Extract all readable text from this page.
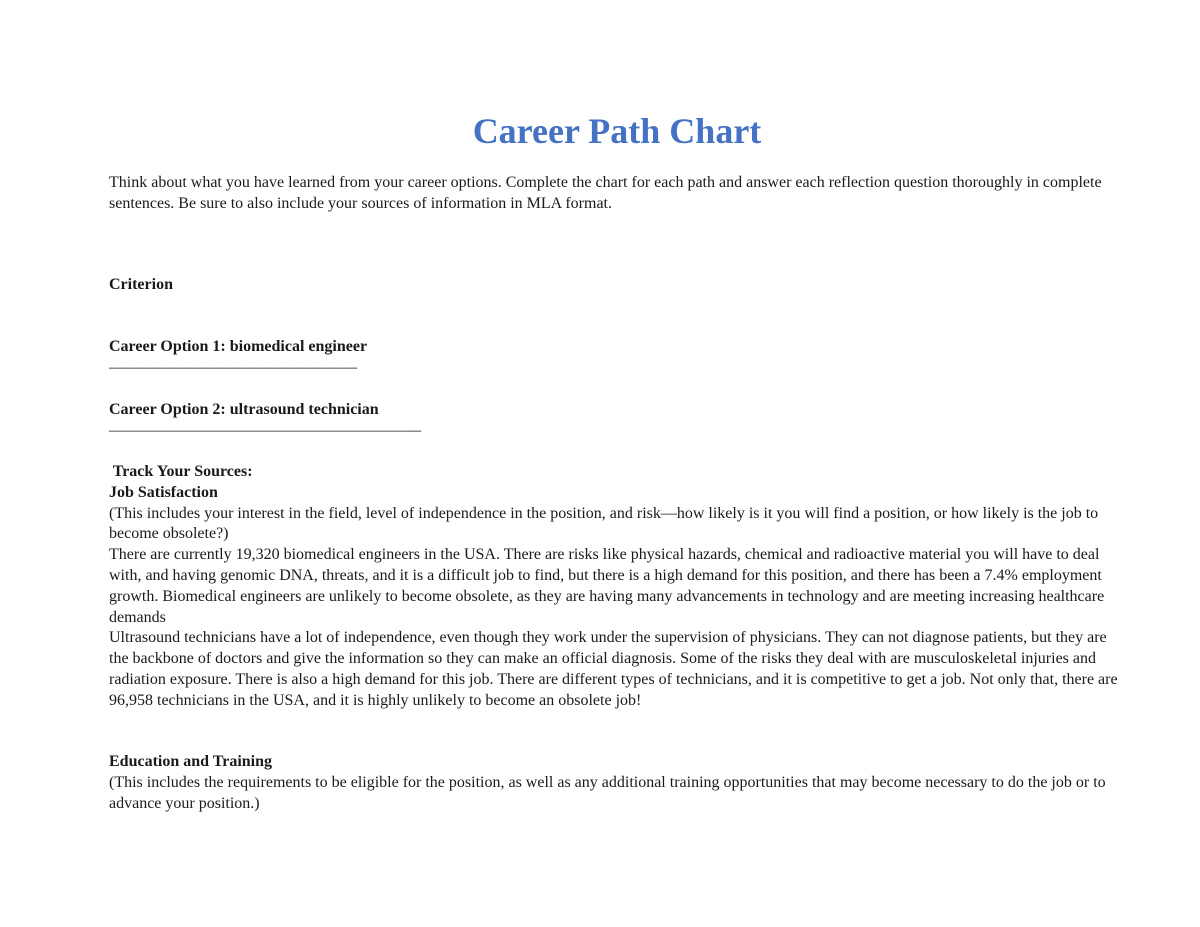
Career Path Chart

Think about what you have learned from your career options. Complete the chart for each path and answer each reflection question thoroughly in complete sentences. Be sure to also include your sources of information in MLA format.

Criterion

Career Option 1: biomedical engineer
———————————————–
Career Option 2: ultrasound technician
———————————————————–
Track Your Sources:
Job Satisfaction
(This includes your interest in the field, level of independence in the position, and risk—how likely is it you will find a position, or how likely is the job to become obsolete?)
There are currently 19,320 biomedical engineers in the USA. There are risks like physical hazards, chemical and radioactive material you will have to deal with, and having genomic DNA, threats, and it is a difficult job to find, but there is a high demand for this position, and there has been a 7.4% employment growth. Biomedical engineers are unlikely to become obsolete, as they are having many advancements in technology and are meeting increasing healthcare demands
Ultrasound technicians have a lot of independence, even though they work under the supervision of physicians. They can not diagnose patients, but they are the backbone of doctors and give the information so they can make an official diagnosis. Some of the risks they deal with are musculoskeletal injuries and radiation exposure. There is also a high demand for this job. There are different types of technicians, and it is competitive to get a job. Not only that, there are 96,958 technicians in the USA, and it is highly unlikely to become an obsolete job!
Education and Training
(This includes the requirements to be eligible for the position, as well as any additional training opportunities that may become necessary to do the job or to advance your position.)
